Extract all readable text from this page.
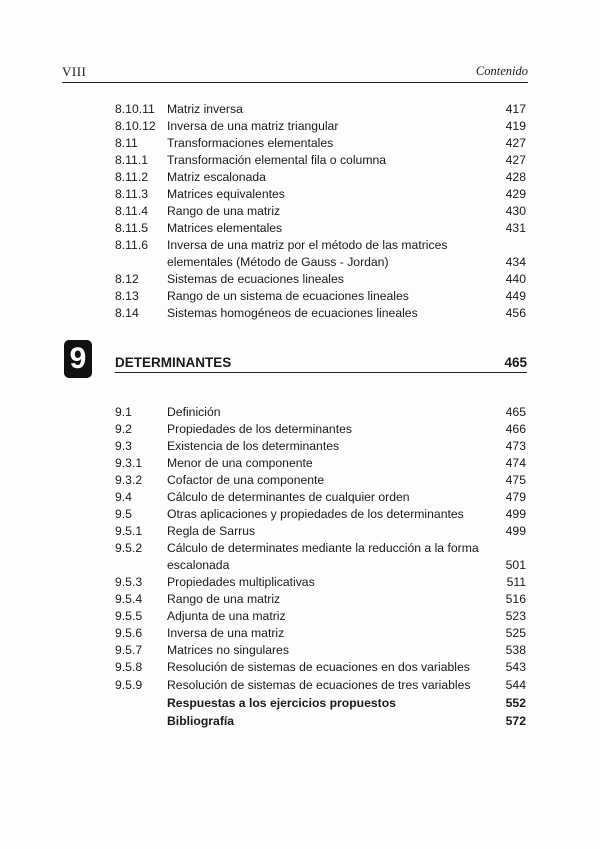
VIII	Contenido
8.10.11 Matriz inversa	417
8.10.12 Inversa de una matriz triangular	419
8.11 Transformaciones elementales	427
8.11.1 Transformación elemental fila o columna	427
8.11.2 Matriz escalonada	428
8.11.3 Matrices equivalentes	429
8.11.4 Rango de una matriz	430
8.11.5 Matrices elementales	431
8.11.6 Inversa de una matriz por el método de las matrices elementales (Método de Gauss - Jordan)	434
8.12 Sistemas de ecuaciones lineales	440
8.13 Rango de un sistema de ecuaciones lineales	449
8.14 Sistemas homogéneos de ecuaciones lineales	456
9	DETERMINANTES	465
9.1	Definición	465
9.2	Propiedades de los determinantes	466
9.3	Existencia de los determinantes	473
9.3.1 Menor de una componente	474
9.3.2 Cofactor de una componente	475
9.4	Cálculo de determinantes de cualquier orden	479
9.5	Otras aplicaciones y propiedades de los determinantes	499
9.5.1 Regla de Sarrus	499
9.5.2 Cálculo de determinates mediante la reducción a la forma escalonada	501
9.5.3 Propiedades multiplicativas	511
9.5.4 Rango de una matriz	516
9.5.5 Adjunta de una matriz	523
9.5.6 Inversa de una matriz	525
9.5.7 Matrices no singulares	538
9.5.8 Resolución de sistemas de ecuaciones en dos variables	543
9.5.9 Resolución de sistemas de ecuaciones de tres variables	544
Respuestas a los ejercicios propuestos	552
Bibliografía	572
